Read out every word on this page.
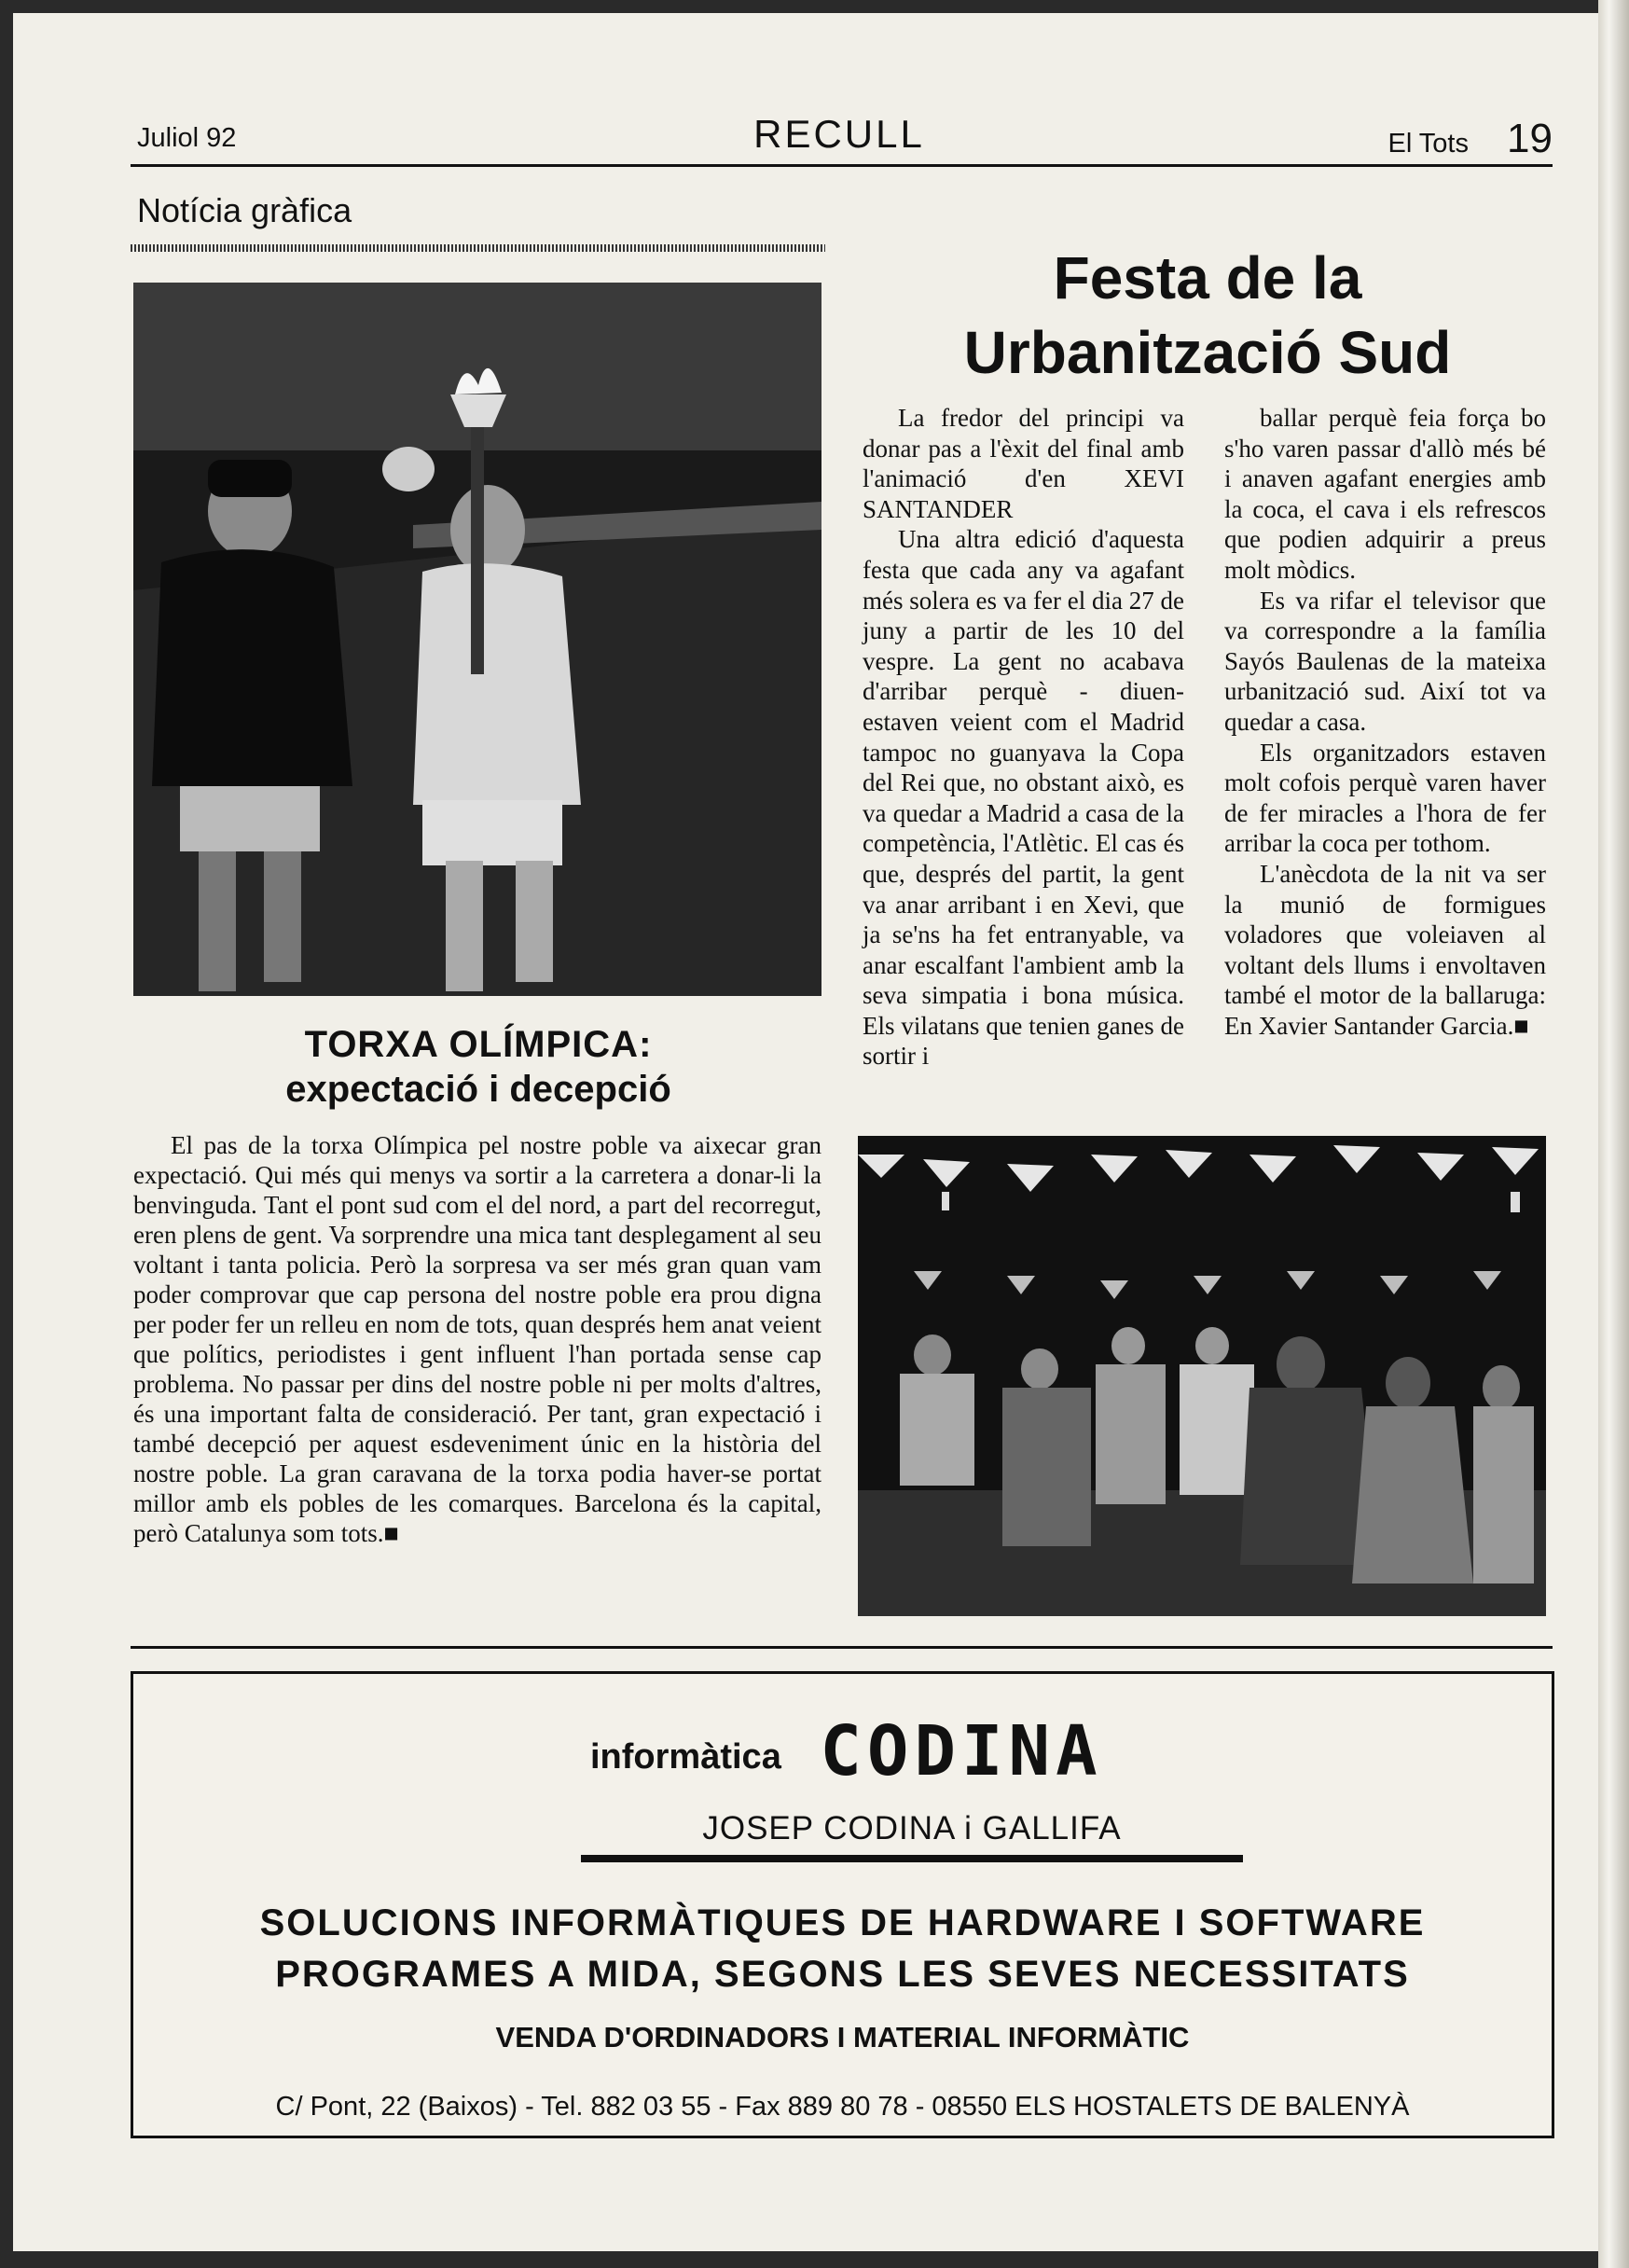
Juliol 92	RECULL	El Tots 19
Notícia gràfica
TORXA OLÍMPICA:
expectació i decepció
El pas de la torxa Olímpica pel nostre poble va aixecar gran expectació. Qui més qui menys va sortir a la carretera a donar-li la benvinguda. Tant el pont sud com el del nord, a part del recorregut, eren plens de gent. Va sorprendre una mica tant desplegament al seu voltant i tanta policia. Però la sorpresa va ser més gran quan vam poder comprovar que cap persona del nostre poble era prou digna per poder fer un relleu en nom de tots, quan després hem anat veient que polítics, periodistes i gent influent l'han portada sense cap problema. No passar per dins del nostre poble ni per molts d'altres, és una important falta de consideració. Per tant, gran expectació i també decepció per aquest esdeveniment únic en la història del nostre poble. La gran caravana de la torxa podia haver-se portat millor amb els pobles de les comarques. Barcelona és la capital, però Catalunya som tots.■
Festa de la
Urbanització Sud

La fredor del principi va donar pas a l'èxit del final amb l'animació d'en XEVI SANTANDER

Una altra edició d'aquesta festa que cada any va agafant més solera es va fer el dia 27 de juny a partir de les 10 del vespre. La gent no acabava d'arribar perquè - diuen- estaven veient com el Madrid tampoc no guanyava la Copa del Rei que, no obstant això, es va quedar a Madrid a casa de la competència, l'Atlètic. El cas és que, després del partit, la gent va anar arribant i en Xevi, que ja se'ns ha fet entranyable, va anar escalfant l'ambient amb la seva simpatia i bona música. Els vilatans que tenien ganes de sortir i

ballar perquè feia força bo s'ho varen passar d'allò més bé i anaven agafant energies amb la coca, el cava i els refrescos que podien adquirir a preus molt mòdics.

Es va rifar el televisor que va correspondre a la família Sayós Baulenas de la mateixa urbanització sud. Així tot va quedar a casa.

Els organitzadors estaven molt cofois perquè varen haver de fer miracles a l'hora de fer arribar la coca per tothom.

L'anècdota de la nit va ser la munió de formigues voladores que voleiaven al voltant dels llums i envoltaven també el motor de la ballaruga: En Xavier Santander Garcia.■

informàtica CODINA
JOSEP CODINA i GALLIFA
SOLUCIONS INFORMÀTIQUES DE HARDWARE I SOFTWARE
PROGRAMES A MIDA, SEGONS LES SEVES NECESSITATS
VENDA D'ORDINADORS I MATERIAL INFORMÀTIC
C/ Pont, 22 (Baixos) - Tel. 882 03 55 - Fax 889 80 78 - 08550 ELS HOSTALETS DE BALENYÀ
